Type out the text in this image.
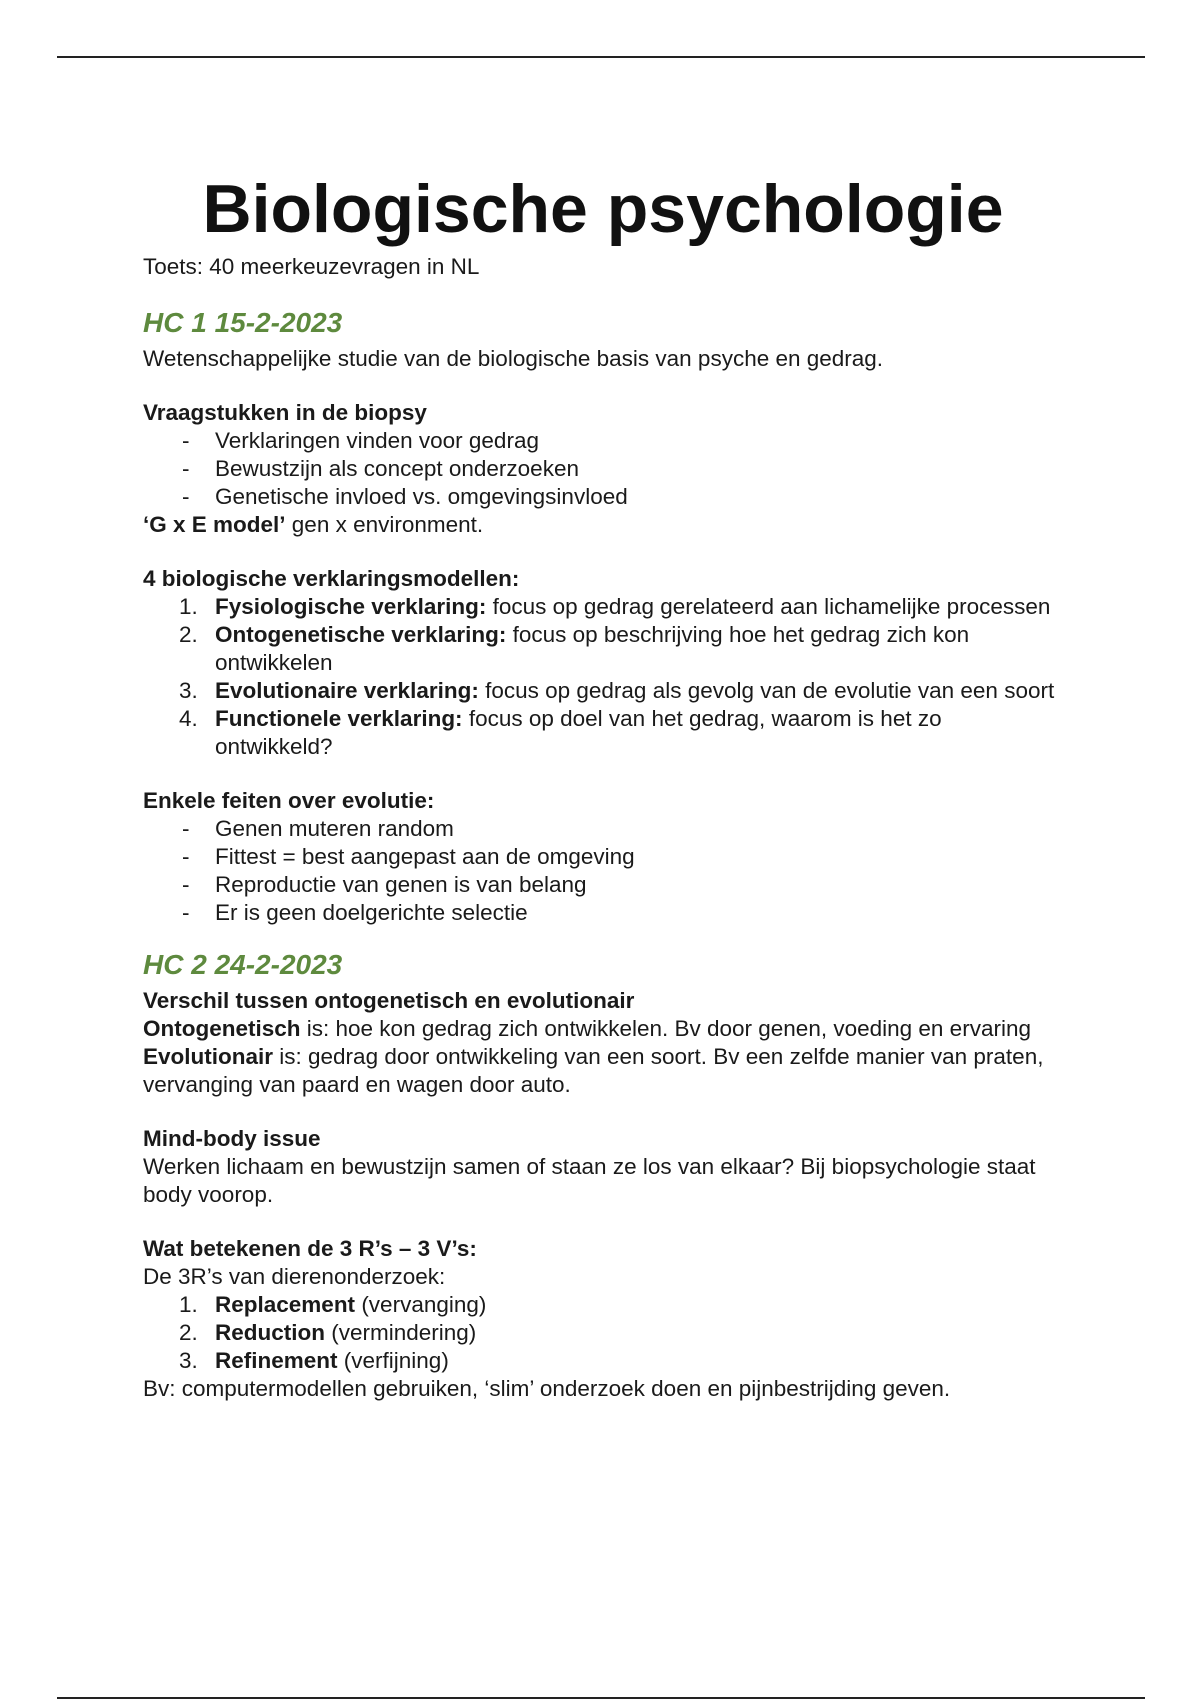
Biologische psychologie

Toets: 40 meerkeuzevragen in NL

HC 1 15-2-2023

Wetenschappelijke studie van de biologische basis van psyche en gedrag.

Vraagstukken in de biopsy

- Verklaringen vinden voor gedrag
- Bewustzijn als concept onderzoeken
- Genetische invloed vs. omgevingsinvloed

‘G x E model’ gen x environment.

4 biologische verklaringsmodellen:

1. Fysiologische verklaring: focus op gedrag gerelateerd aan lichamelijke processen
2. Ontogenetische verklaring: focus op beschrijving hoe het gedrag zich kon ontwikkelen
3. Evolutionaire verklaring: focus op gedrag als gevolg van de evolutie van een soort
4. Functionele verklaring: focus op doel van het gedrag, waarom is het zo ontwikkeld?

Enkele feiten over evolutie:

- Genen muteren random
- Fittest = best aangepast aan de omgeving
- Reproductie van genen is van belang
- Er is geen doelgerichte selectie
HC 2 24-2-2023

Verschil tussen ontogenetisch en evolutionair

Ontogenetisch is: hoe kon gedrag zich ontwikkelen. Bv door genen, voeding en ervaring

Evolutionair is: gedrag door ontwikkeling van een soort. Bv een zelfde manier van praten, vervanging van paard en wagen door auto.

Mind-body issue

Werken lichaam en bewustzijn samen of staan ze los van elkaar? Bij biopsychologie staat body voorop.

Wat betekenen de 3 R’s – 3 V’s:

De 3R’s van dierenonderzoek:

1. Replacement (vervanging)
2. Reduction (vermindering)
3. Refinement (verfijning)

Bv: computermodellen gebruiken, ‘slim’ onderzoek doen en pijnbestrijding geven.
